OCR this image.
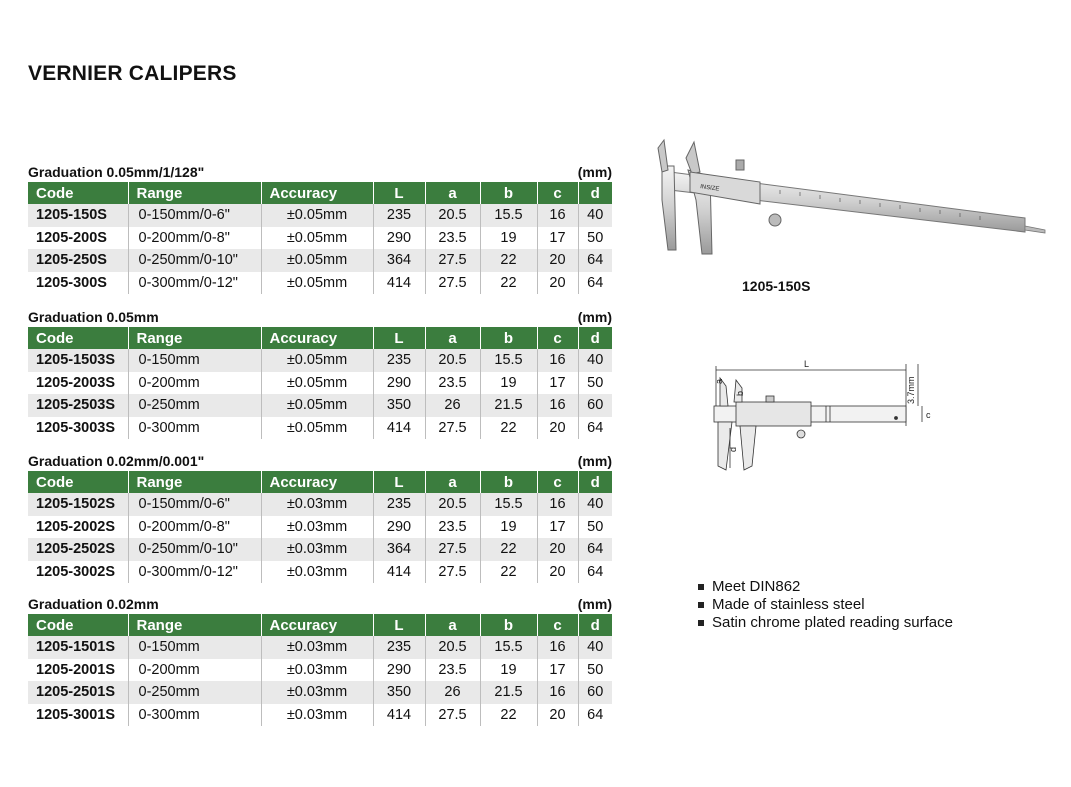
VERNIER CALIPERS
Graduation 0.05mm/1/128"	(mm)
Code	Range	Accuracy	L	a	b	c	d
1205-150S	0-150mm/0-6"	±0.05mm	235	20.5	15.5	16	40
1205-200S	0-200mm/0-8"	±0.05mm	290	23.5	19	17	50
1205-250S	0-250mm/0-10"	±0.05mm	364	27.5	22	20	64
1205-300S	0-300mm/0-12"	±0.05mm	414	27.5	22	20	64
Graduation 0.05mm	(mm)
Code	Range	Accuracy	L	a	b	c	d
1205-1503S	0-150mm	±0.05mm	235	20.5	15.5	16	40
1205-2003S	0-200mm	±0.05mm	290	23.5	19	17	50
1205-2503S	0-250mm	±0.05mm	350	26	21.5	16	60
1205-3003S	0-300mm	±0.05mm	414	27.5	22	20	64
Graduation 0.02mm/0.001"	(mm)
Code	Range	Accuracy	L	a	b	c	d
1205-1502S	0-150mm/0-6"	±0.03mm	235	20.5	15.5	16	40
1205-2002S	0-200mm/0-8"	±0.03mm	290	23.5	19	17	50
1205-2502S	0-250mm/0-10"	±0.03mm	364	27.5	22	20	64
1205-3002S	0-300mm/0-12"	±0.03mm	414	27.5	22	20	64
Graduation 0.02mm	(mm)
Code	Range	Accuracy	L	a	b	c	d
1205-1501S	0-150mm	±0.03mm	235	20.5	15.5	16	40
1205-2001S	0-200mm	±0.03mm	290	23.5	19	17	50
1205-2501S	0-250mm	±0.03mm	350	26	21.5	16	60
1205-3001S	0-300mm	±0.03mm	414	27.5	22	20	64
INSIZE
1205-150S
L
a
b
c
d
3.7mm
Meet DIN862
Made of stainless steel
Satin chrome plated reading surface
